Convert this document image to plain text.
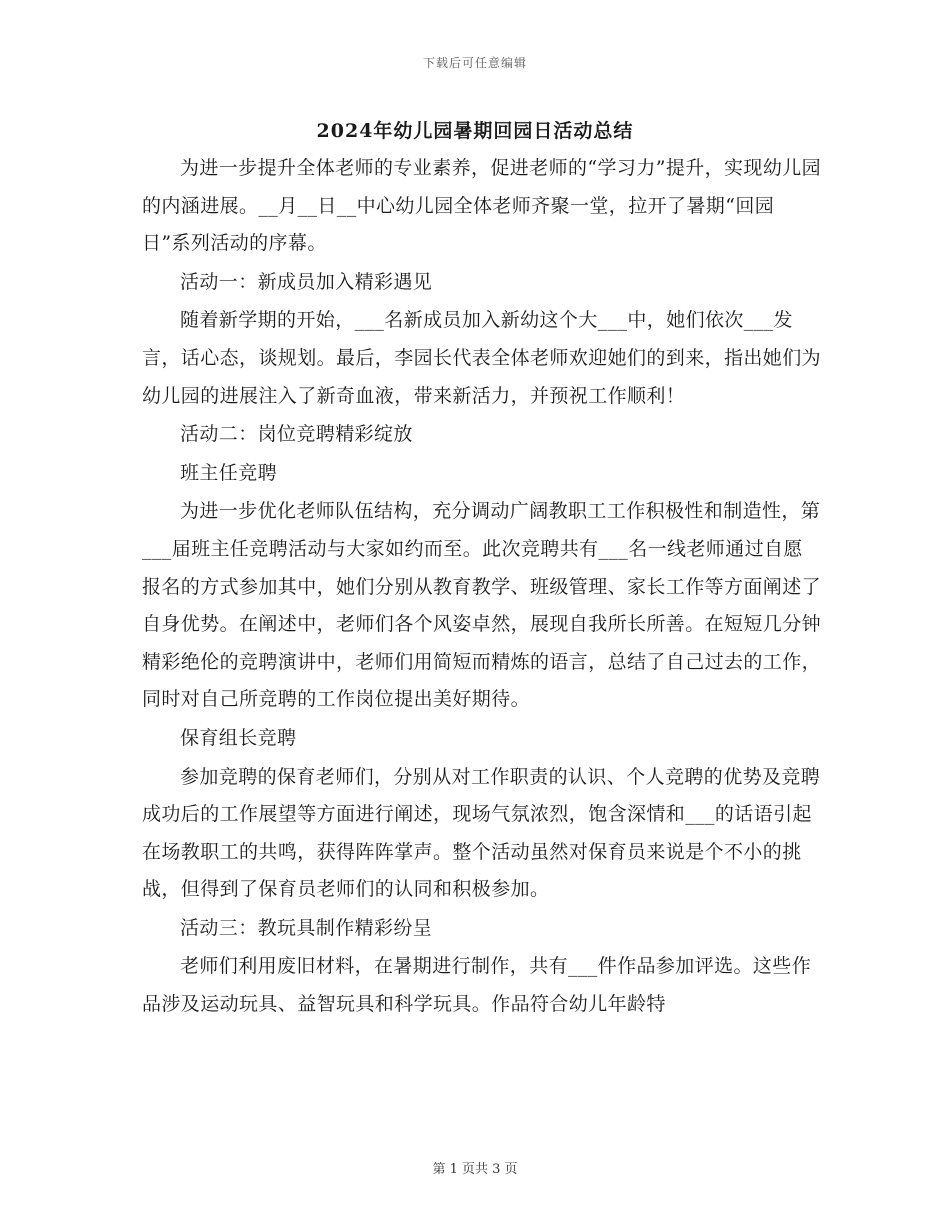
下载后可任意编辑
2024年幼儿园暑期回园日活动总结

为进一步提升全体老师的专业素养，促进老师的“学习力”提升，实现幼儿园的内涵进展。__月__日__中心幼儿园全体老师齐聚一堂，拉开了暑期“回园日”系列活动的序幕。

活动一：新成员加入精彩遇见

随着新学期的开始，___名新成员加入新幼这个大___中，她们依次___发言，话心态，谈规划。最后，李园长代表全体老师欢迎她们的到来，指出她们为幼儿园的进展注入了新奇血液，带来新活力，并预祝工作顺利！

活动二：岗位竞聘精彩绽放

班主任竞聘

为进一步优化老师队伍结构，充分调动广阔教职工工作积极性和制造性，第___届班主任竞聘活动与大家如约而至。此次竞聘共有___名一线老师通过自愿报名的方式参加其中，她们分别从教育教学、班级管理、家长工作等方面阐述了自身优势。在阐述中，老师们各个风姿卓然，展现自我所长所善。在短短几分钟精彩绝伦的竞聘演讲中，老师们用简短而精炼的语言，总结了自己过去的工作，同时对自己所竞聘的工作岗位提出美好期待。

保育组长竞聘

参加竞聘的保育老师们，分别从对工作职责的认识、个人竞聘的优势及竞聘成功后的工作展望等方面进行阐述，现场气氛浓烈，饱含深情和___的话语引起在场教职工的共鸣，获得阵阵掌声。整个活动虽然对保育员来说是个不小的挑战，但得到了保育员老师们的认同和积极参加。

活动三：教玩具制作精彩纷呈

老师们利用废旧材料，在暑期进行制作，共有___件作品参加评选。这些作品涉及运动玩具、益智玩具和科学玩具。作品符合幼儿年龄特

第 1 页共 3 页
